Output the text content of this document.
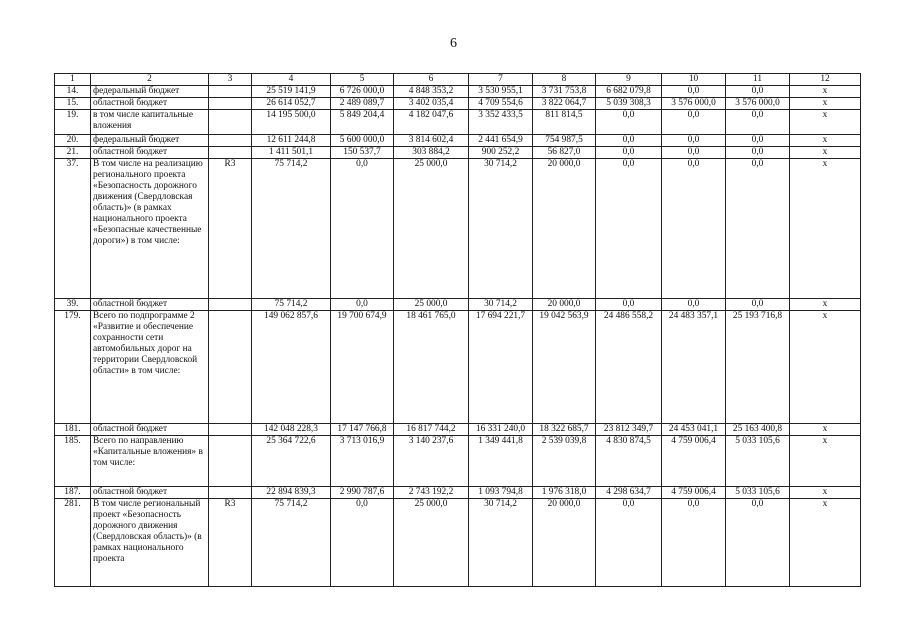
6
1	2	3	4	5	6	7	8	9	10	11	12
14.	федеральный бюджет		25 519 141,9	6 726 000,0	4 848 353,2	3 530 955,1	3 731 753,8	6 682 079,8	0,0	0,0	x
15.	областной бюджет		26 614 052,7	2 489 089,7	3 402 035,4	4 709 554,6	3 822 064,7	5 039 308,3	3 576 000,0	3 576 000,0	x
19.	в том числе капитальные вложения		14 195 500,0	5 849 204,4	4 182 047,6	3 352 433,5	811 814,5	0,0	0,0	0,0	x
20.	федеральный бюджет		12 611 244,8	5 600 000,0	3 814 602,4	2 441 654,9	754 987,5	0,0	0,0	0,0	x
21.	областной бюджет		1 411 501,1	150 537,7	303 884,2	900 252,2	56 827,0	0,0	0,0	0,0	x
37.	В том числе на реализацию регионального проекта «Безопасность дорожного движения (Свердловская область)» (в рамках национального проекта «Безопасные качественные дороги») в том числе:	R3	75 714,2	0,0	25 000,0	30 714,2	20 000,0	0,0	0,0	0,0	x
39.	областной бюджет		75 714,2	0,0	25 000,0	30 714,2	20 000,0	0,0	0,0	0,0	x
179.	Всего по подпрограмме 2 «Развитие и обеспечение сохранности сети автомобильных дорог на территории Свердловской области» в том числе:		149 062 857,6	19 700 674,9	18 461 765,0	17 694 221,7	19 042 563,9	24 486 558,2	24 483 357,1	25 193 716,8	x
181.	областной бюджет		142 048 228,3	17 147 766,8	16 817 744,2	16 331 240,0	18 322 685,7	23 812 349,7	24 453 041,1	25 163 400,8	x
185.	Всего по направлению «Капитальные вложения» в том числе:		25 364 722,6	3 713 016,9	3 140 237,6	1 349 441,8	2 539 039,8	4 830 874,5	4 759 006,4	5 033 105,6	x
187.	областной бюджет		22 894 839,3	2 990 787,6	2 743 192,2	1 093 794,8	1 976 318,0	4 298 634,7	4 759 006,4	5 033 105,6	x
281.	В том числе региональный проект «Безопасность дорожного движения (Свердловская область)» (в рамках национального проекта	R3	75 714,2	0,0	25 000,0	30 714,2	20 000,0	0,0	0,0	0,0	x
